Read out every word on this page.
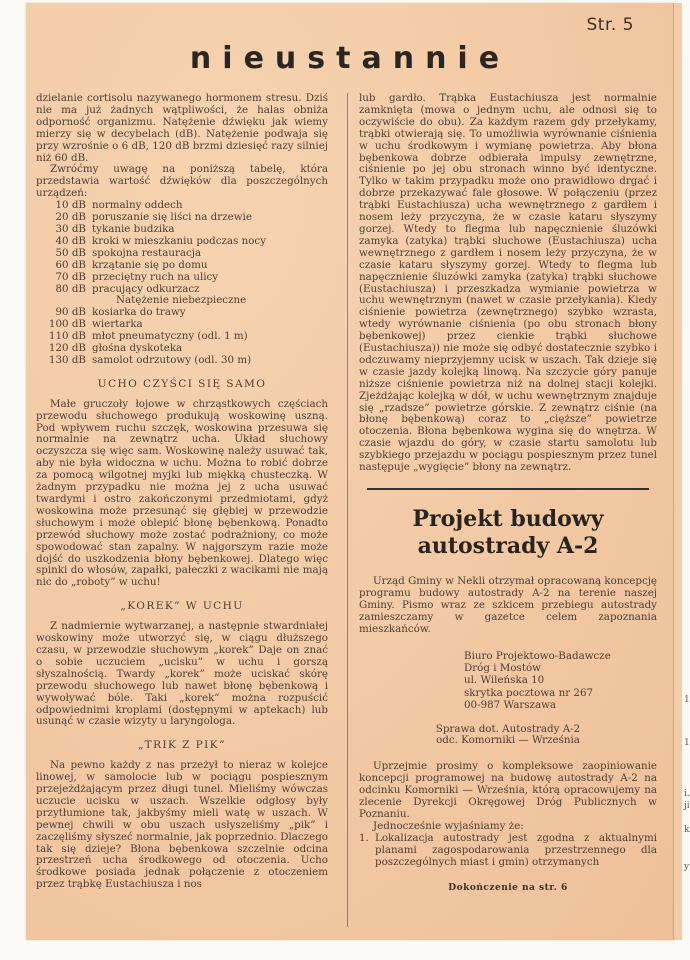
Str. 5
nieustannie

dzielanie cortisolu nazywanego hormonem stresu. Dziś nie ma już żadnych wątpliwości, że halas obniża odporność organizmu. Natężenie dźwięku jak wiemy mierzy się w decybelach (dB). Natężenie podwaja się przy wzrośnie o 6 dB, 120 dB brzmi dziesięć razy silniej niż 60 dB.

Zwróćmy uwagę na poniższą tabelę, która przedstawia wartość dźwięków dla poszczególnych urządzeń:

10 dB normalny oddech
20 dB poruszanie się liści na drzewie
30 dB tykanie budzika
40 dB kroki w mieszkaniu podczas nocy
50 dB spokojna restauracja
60 dB krzątanie się po domu
70 dB przeciętny ruch na ulicy
80 dB pracujący odkurzacz
Natężenie niebezpieczne
90 dB kosiarka do trawy
100 dB wiertarka
110 dB młot pneumatyczny (odl. 1 m)
120 dB głośna dyskoteka
130 dB samolot odrzutowy (odl. 30 m)
UCHO CZYŚCI SIĘ SAMO

Małe gruczoły łojowe w chrząstkowych częściach przewodu słuchowego produkują woskowinę uszną. Pod wpływem ruchu szczęk, woskowina przesuwa się normalnie na zewnątrz ucha. Układ słuchowy oczyszcza się więc sam. Woskowinę należy usuwać tak, aby nie była widoczna w uchu. Można to robić dobrze za pomocą wilgotnej myjki lub miękką chusteczką. W żadnym przypadku nie można jej z ucha usuwać twardymi i ostro zakończonymi przedmiotami, gdyż woskowina może przesunąć się głębiej w przewodzie słuchowym i może oblepić błonę bębenkową. Ponadto przewód słuchowy może zostać podrażniony, co może spowodować stan zapalny. W najgorszym razie może dojść do uszkodzenia błony bębenkowej. Dlatego więc spinki do włosów, zapałki, pałeczki z wacikami nie mają nic do „roboty” w uchu!

„KOREK” W UCHU

Z nadmiernie wytwarzanej, a następnie stwardniałej woskowiny może utworzyć się, w ciągu dłuższego czasu, w przewodzie słuchowym „korek” Daje on znać o sobie uczuciem „ucisku” w uchu i gorszą słyszalnością. Twardy „korek” może uciskać skórę przewodu słuchowego lub nawet błonę bębenkową i wywoływać bóle. Taki „korek” można rozpuścić odpowiednimi kroplami (dostępnymi w aptekach) lub usunąć w czasie wizyty u laryngologa.

„TRIK Z PIK”

Na pewno każdy z nas przeżył to nieraz w kolejce linowej, w samolocie lub w pociągu pospiesznym przejeżdżającym przez długi tunel. Mieliśmy wówczas uczucie ucisku w uszach. Wszelkie odgłosy były przytłumione tak, jakbyśmy mieli watę w uszach. W pewnej chwili w obu uszach usłyszeliśmy „pik” i zaczęliśmy słyszeć normalnie, jak poprzednio. Dlaczego tak się dzieje? Błona bębenkowa szczelnie odcina przestrzeń ucha środkowego od otoczenia. Ucho środkowe posiada jednak połączenie z otoczeniem przez trąbkę Eustachiusza i nos

lub gardło. Trąbka Eustachiusza jest normalnie zamknięta (mowa o jednym uchu, ale odnosi się to oczywiście do obu). Za każdym razem gdy przełykamy, trąbki otwierają się. To umożliwia wyrównanie ciśnienia w uchu środkowym i wymianę powietrza. Aby błona bębenkowa dobrze odbierała impulsy zewnętrzne, ciśnienie po jej obu stronach winno być identyczne. Tylko w takim przypadku może ono prawidłowo drgać i dobrze przekazywać fale głosowe. W połączeniu (przez trąbki Eustachiusza) ucha wewnętrznego z gardłem i nosem leży przyczyna, że w czasie kataru słyszymy gorzej. Wtedy to flegma lub napęcznienie śluzówki zamyka (zatyka) trąbki słuchowe (Eustachiusza) ucha wewnętrznego z gardłem i nosem leży przyczyna, że w czasie kataru słyszymy gorzej. Wtedy to flegma lub napęcznienie śluzówki zamyka (zatyka) trąbki słuchowe (Eustachiusza) i przeszkadza wymianie powietrza w uchu wewnętrznym (nawet w czasie przełykania). Kiedy ciśnienie powietrza (zewnętrznego) szybko wzrasta, wtedy wyrównanie ciśnienia (po obu stronach błony bębenkowej) przez cienkie trąbki słuchowe (Eustachiusza)) nie może się odbyć dostatecznie szybko i odczuwamy nieprzyjemny ucisk w uszach. Tak dzieje się w czasie jazdy kolejką linową. Na szczycie góry panuje niższe ciśnienie powietrza niż na dolnej stacji kolejki. Zjeżdżając kolejką w dół, w uchu wewnętrznym znajduje się „rzadsze” powietrze górskie. Z zewnątrz ciśnie (na błonę bębenkową) coraz to „cięższe” powietrze otoczenia. Błona bębenkowa wygina się do wnętrza. W czasie wjazdu do góry, w czasie startu samolotu lub szybkiego przejazdu w pociągu pospiesznym przez tunel następuje „wygięcie” błony na zewnątrz.

Projekt budowy
autostrady A-2

Urząd Gminy w Nekli otrzymał opracowaną koncepcję programu budowy autostrady A-2 na terenie naszej Gminy. Pismo wraz ze szkicem przebiegu autostrady zamieszczamy w gazetce celem zapoznania mieszkańców.

Biuro Projektowo-Badawcze
Dróg i Mostów
ul. Wileńska 10
skrytka pocztowa nr 267
00-987 Warszawa
Sprawa dot. Autostrady A-2
odc. Komorniki — Września

Uprzejmie prosimy o kompleksowe zaopiniowanie koncepcji programowej na budowę autostrady A-2 na odcinku Komorniki — Września, którą opracowujemy na zlecenie Dyrekcji Okręgowej Dróg Publicznych w Poznaniu.

Jednocześnie wyjaśniamy że:

1. Lokalizacja autostrady jest zgodna z aktualnymi planami zagospodarowania przestrzennego dla poszczególnych miast i gmin) otrzymanych

Dokończenie na str. 6
1
1
i.
ji
k
y
